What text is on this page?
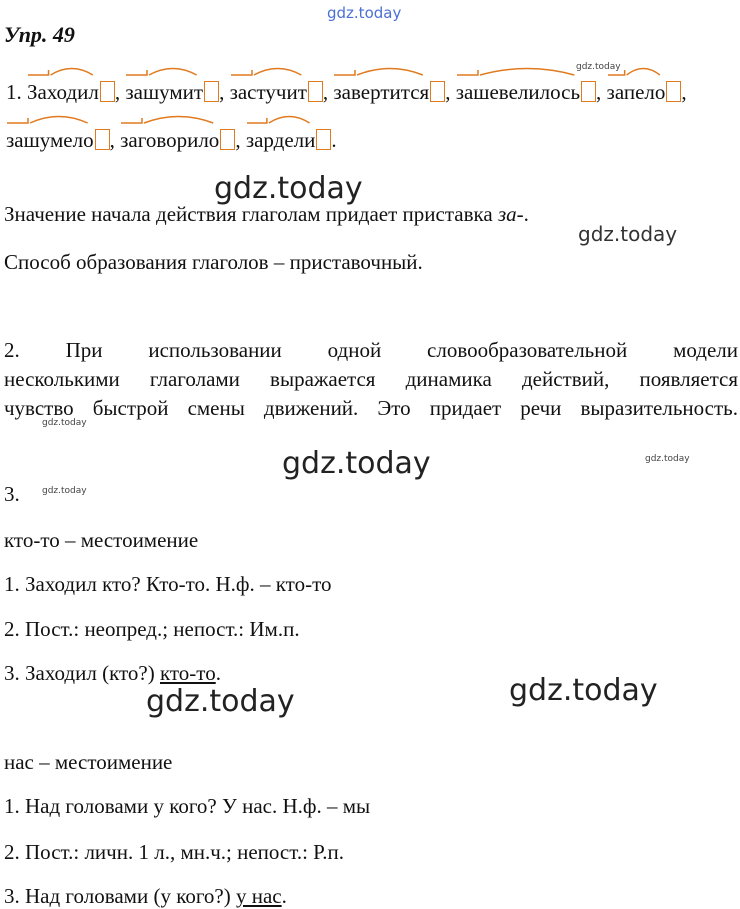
gdz.today
gdz.today
gdz.today
gdz.today
gdz.today
gdz.today	gdz.today
gdz.today
gdz.today
gdz.today
Упр. 49
1. Заходил , зашумит , застучит , завертится , зашевелилось , запело , зашумело , заговорило , зардели .
Значение начала действия глаголам придает приставка за-.
Способ образования глаголов – приставочный.
2. При использовании одной словообразовательной модели
несколькими глаголами выражается динамика действий, появляется
чувство быстрой смены движений. Это придает речи выразительность.
3.
кто-то – местоимение
1. Заходил кто? Кто-то. Н.ф. – кто-то
2. Пост.: неопред.; непост.: Им.п.
3. Заходил (кто?) кто-то.
нас – местоимение
1. Над головами у кого? У нас. Н.ф. – мы
2. Пост.: личн. 1 л., мн.ч.; непост.: Р.п.
3. Над головами (у кого?) у нас.
